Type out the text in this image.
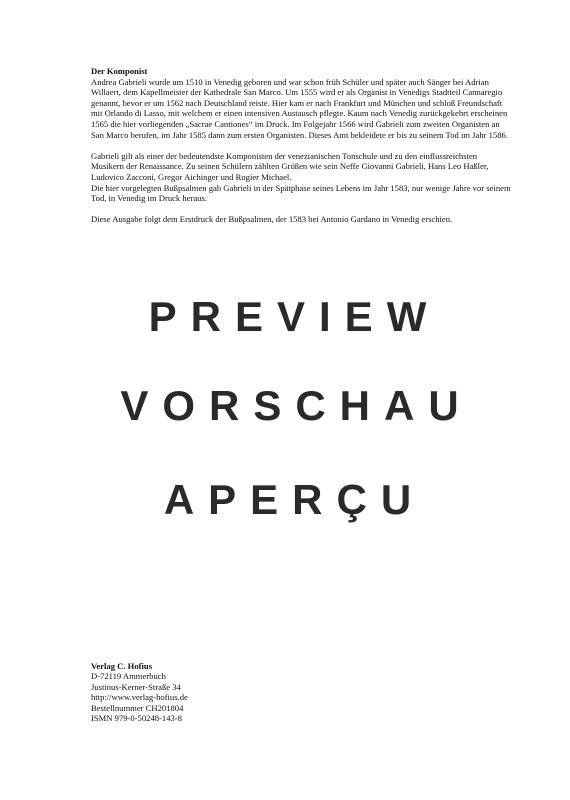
Der Komponist

Andrea Gabrieli wurde um 1510 in Venedig geboren und war schon früh Schüler und später auch Sänger bei Adrian Willaert, dem Kapellmeister der Kathedrale San Marco. Um 1555 wird er als Organist in Venedigs Stadtteil Cannaregio genannt, bevor er um 1562 nach Deutschland reiste. Hier kam er nach Frankfurt und München und schloß Freundschaft mit Orlando di Lasso, mit welchem er einen intensiven Austausch pflegte. Kaum nach Venedig zurückgekehrt erscheinen 1565 die hier vorliegenden „Sacrae Cantiones“ im Druck. Im Folgejahr 1566 wird Gabrieli zum zweiten Organisten an San Marco berufen, im Jahr 1585 dann zum ersten Organisten. Dieses Amt bekleidete er bis zu seinem Tod im Jahr 1586.

Gabrieli gilt als einer der bedeutendste Komponisten der venezianischen Tonschule und zu den einflussreichsten Musikern der Renaissance. Zu seinen Schülern zählten Größen wie sein Neffe Giovanni Gabrieli, Hans Leo Haßler, Ludovico Zacconi, Gregor Aichinger und Rogier Michael.

Die hier vorgelegten Bußpsalmen gab Gabrieli in der Spätphase seines Lebens im Jahr 1583, nur wenige Jahre vor seinem Tod, in Venedig im Druck heraus.

Diese Ausgabe folgt dem Erstdruck der Bußpsalmen, der 1583 bei Antonio Gardano in Venedig erschien.

PREVIEW
VORSCHAU
APERÇU
Verlag C. Hofius
D-72119 Ammerbuch
Justinus-Kerner-Straße 34
http://www.verlag-hofius.de
Bestellnummer CH201804
ISMN 979-0-50248-143-8
